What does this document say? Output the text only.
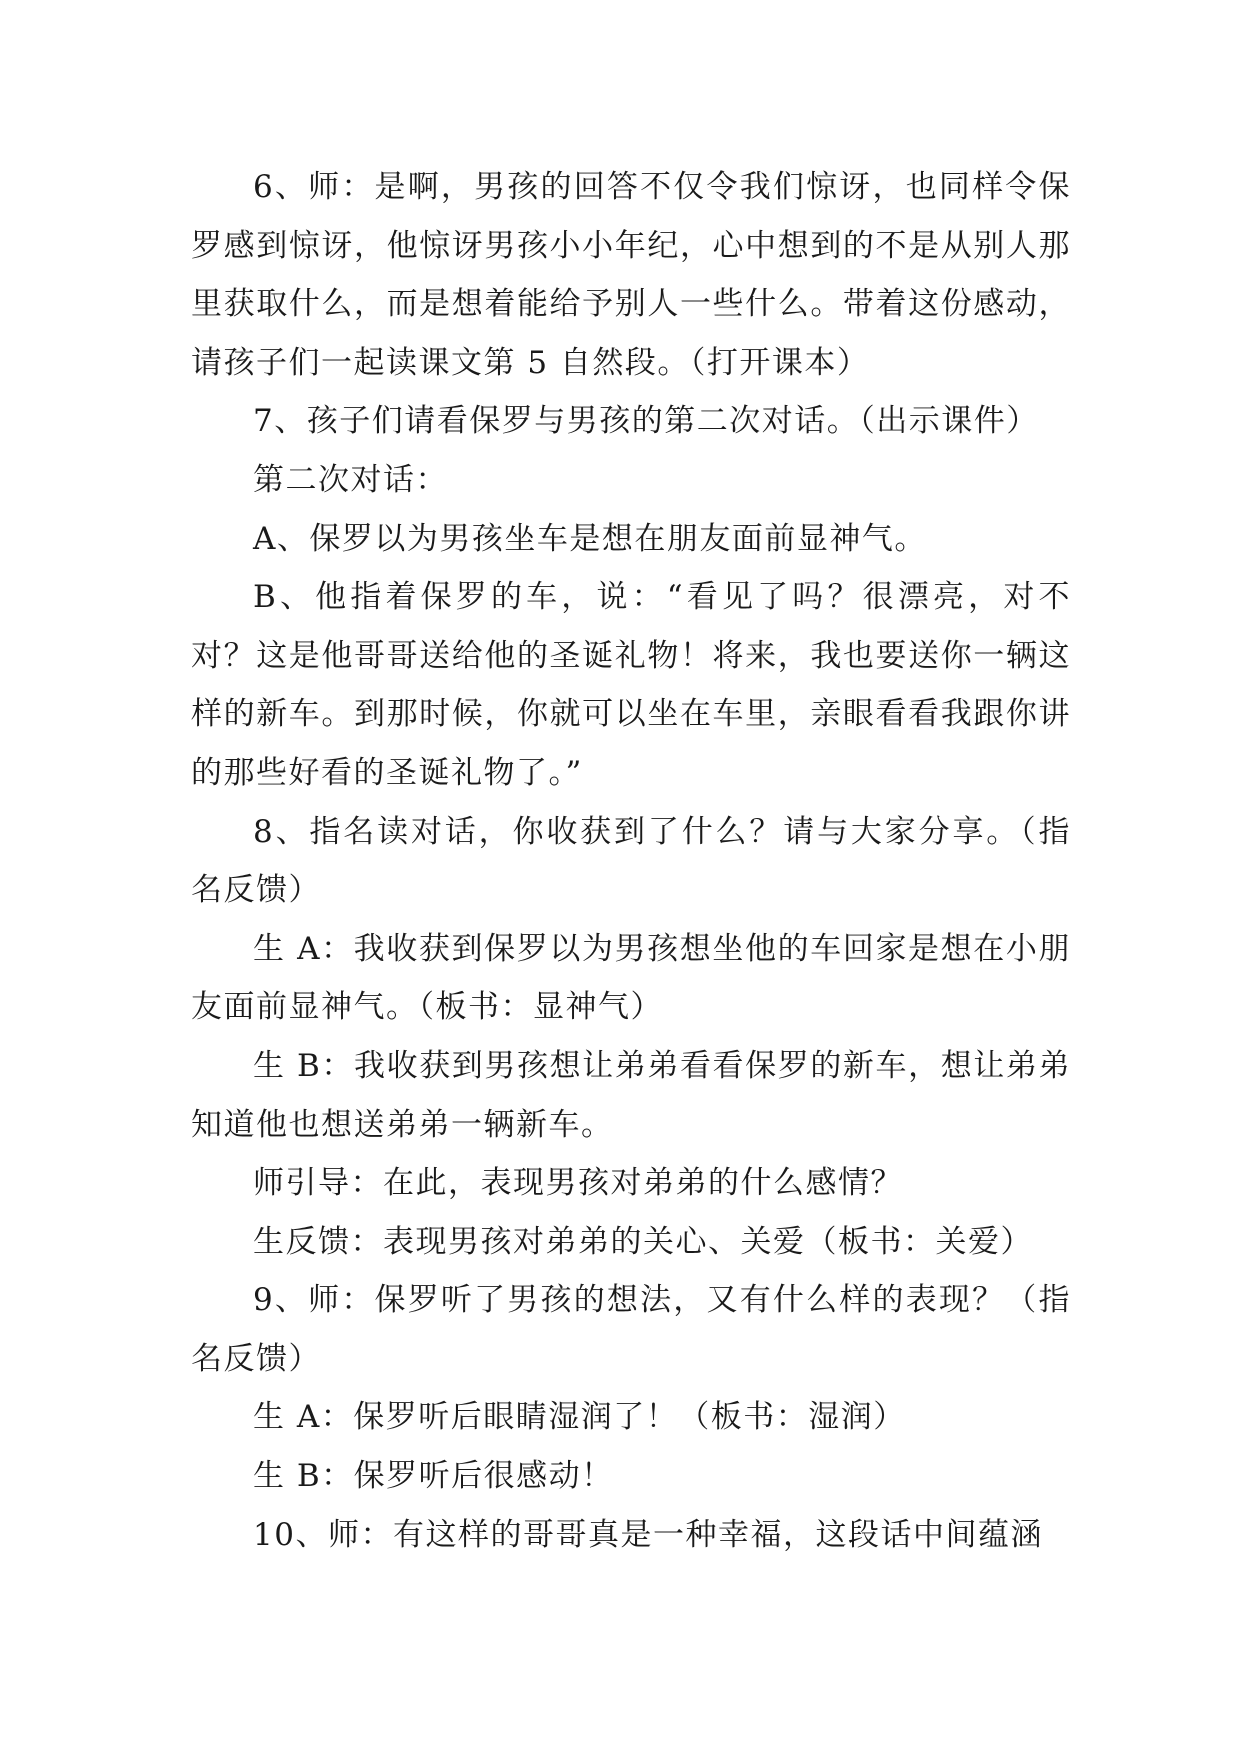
6、师：是啊，男孩的回答不仅令我们惊讶，也同样令保罗感到惊讶，他惊讶男孩小小年纪，心中想到的不是从别人那里获取什么，而是想着能给予别人一些什么。带着这份感动，请孩子们一起读课文第 5 自然段。（打开课本）

7、孩子们请看保罗与男孩的第二次对话。（出示课件）

第二次对话：

A、保罗以为男孩坐车是想在朋友面前显神气。

B、他指着保罗的车，说：“看见了吗？很漂亮，对不对？这是他哥哥送给他的圣诞礼物！将来，我也要送你一辆这样的新车。到那时候，你就可以坐在车里，亲眼看看我跟你讲的那些好看的圣诞礼物了。”

8、指名读对话，你收获到了什么？请与大家分享。（指名反馈）

生 A：我收获到保罗以为男孩想坐他的车回家是想在小朋友面前显神气。（板书：显神气）

生 B：我收获到男孩想让弟弟看看保罗的新车，想让弟弟知道他也想送弟弟一辆新车。

师引导：在此，表现男孩对弟弟的什么感情？

生反馈：表现男孩对弟弟的关心、关爱（板书：关爱）

9、师：保罗听了男孩的想法，又有什么样的表现？（指名反馈）

生 A：保罗听后眼睛湿润了！（板书：湿润）

生 B：保罗听后很感动！

10、师：有这样的哥哥真是一种幸福，这段话中间蕴涵
